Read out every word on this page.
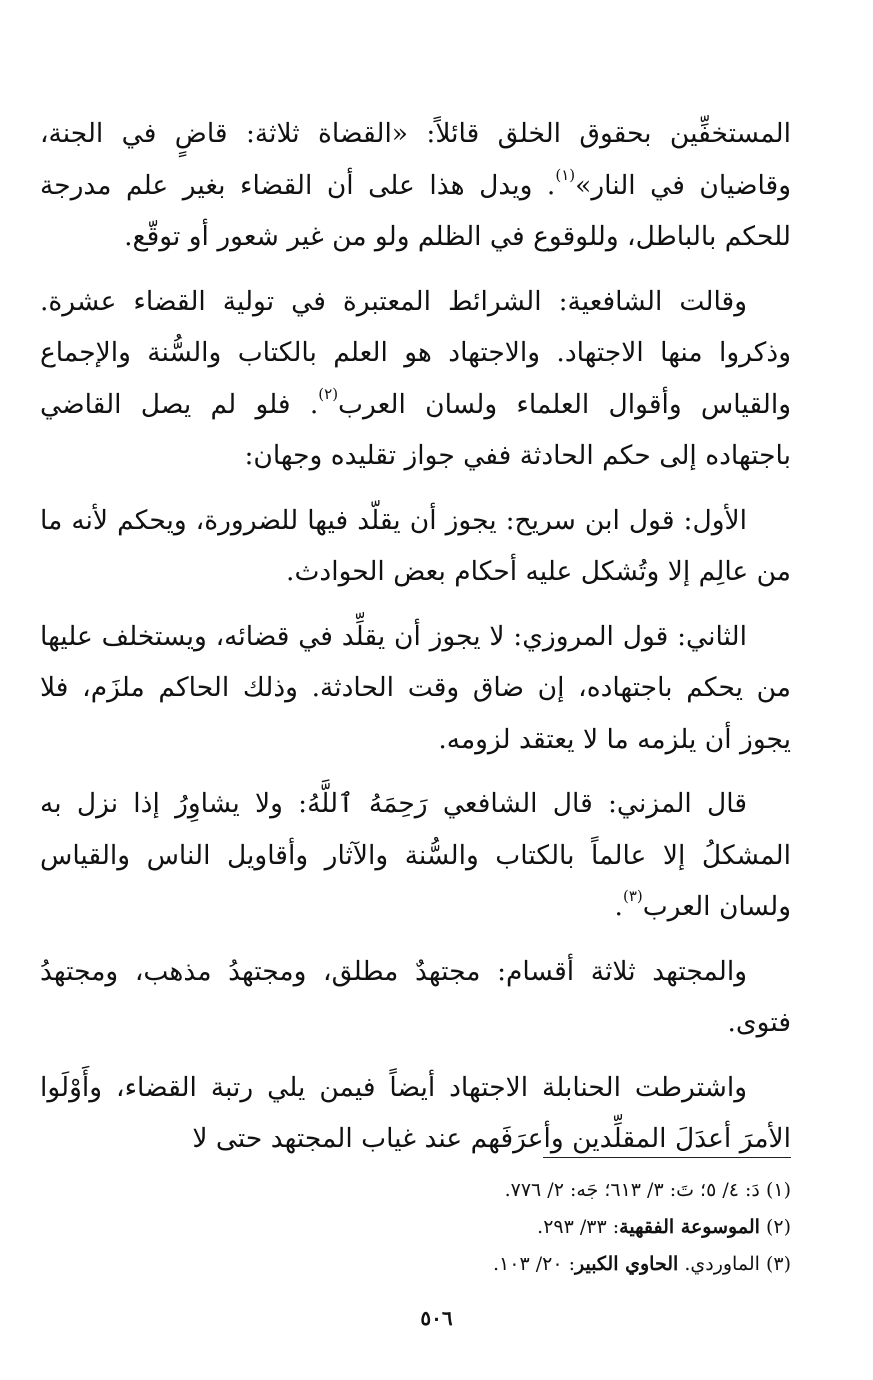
المستخفِّين بحقوق الخلق قائلاً: «القضاة ثلاثة: قاضٍ في الجنة، وقاضيان في النار»$^{(١)}$. ويدل هذا على أن القضاء بغير علم مدرجة للحكم بالباطل، وللوقوع في الظلم ولو من غير شعور أو توقّع.

وقالت الشافعية: الشرائط المعتبرة في تولية القضاء عشرة. وذكروا منها الاجتهاد. والاجتهاد هو العلم بالكتاب والسُّنة والإجماع والقياس وأقوال العلماء ولسان العرب$^{(٢)}$. فلو لم يصل القاضي باجتهاده إلى حكم الحادثة ففي جواز تقليده وجهان:

الأول: قول ابن سريح: يجوز أن يقلّد فيها للضرورة، ويحكم لأنه ما من عالِم إلا وتُشكل عليه أحكام بعض الحوادث.

الثاني: قول المروزي: لا يجوز أن يقلِّد في قضائه، ويستخلف عليها من يحكم باجتهاده، إن ضاق وقت الحادثة. وذلك الحاكم ملزَم، فلا يجوز أن يلزمه ما لا يعتقد لزومه.

قال المزني: قال الشافعي رَحِمَهُ ٱللَّهُ: ولا يشاوِرُ إذا نزل به المشكلُ إلا عالماً بالكتاب والسُّنة والآثار وأقاويل الناس والقياس ولسان العرب$^{(٣)}$.

والمجتهد ثلاثة أقسام: مجتهدٌ مطلق، ومجتهدُ مذهب، ومجتهدُ فتوى.

واشترطت الحنابلة الاجتهاد أيضاً فيمن يلي رتبة القضاء، وأَوْلَوا الأمرَ أعدَلَ المقلِّدين وأعرَفَهم عند غياب المجتهد حتى لا

(١) دَ: ٤/ ٥؛ تَ: ٣/ ٦١٣؛ جَه: ٢/ ٧٧٦.

(٢) الموسوعة الفقهية: ٣٣/ ٢٩٣.

(٣) الماوردي. الحاوي الكبير: ٢٠/ ١٠٣.

٥٠٦
